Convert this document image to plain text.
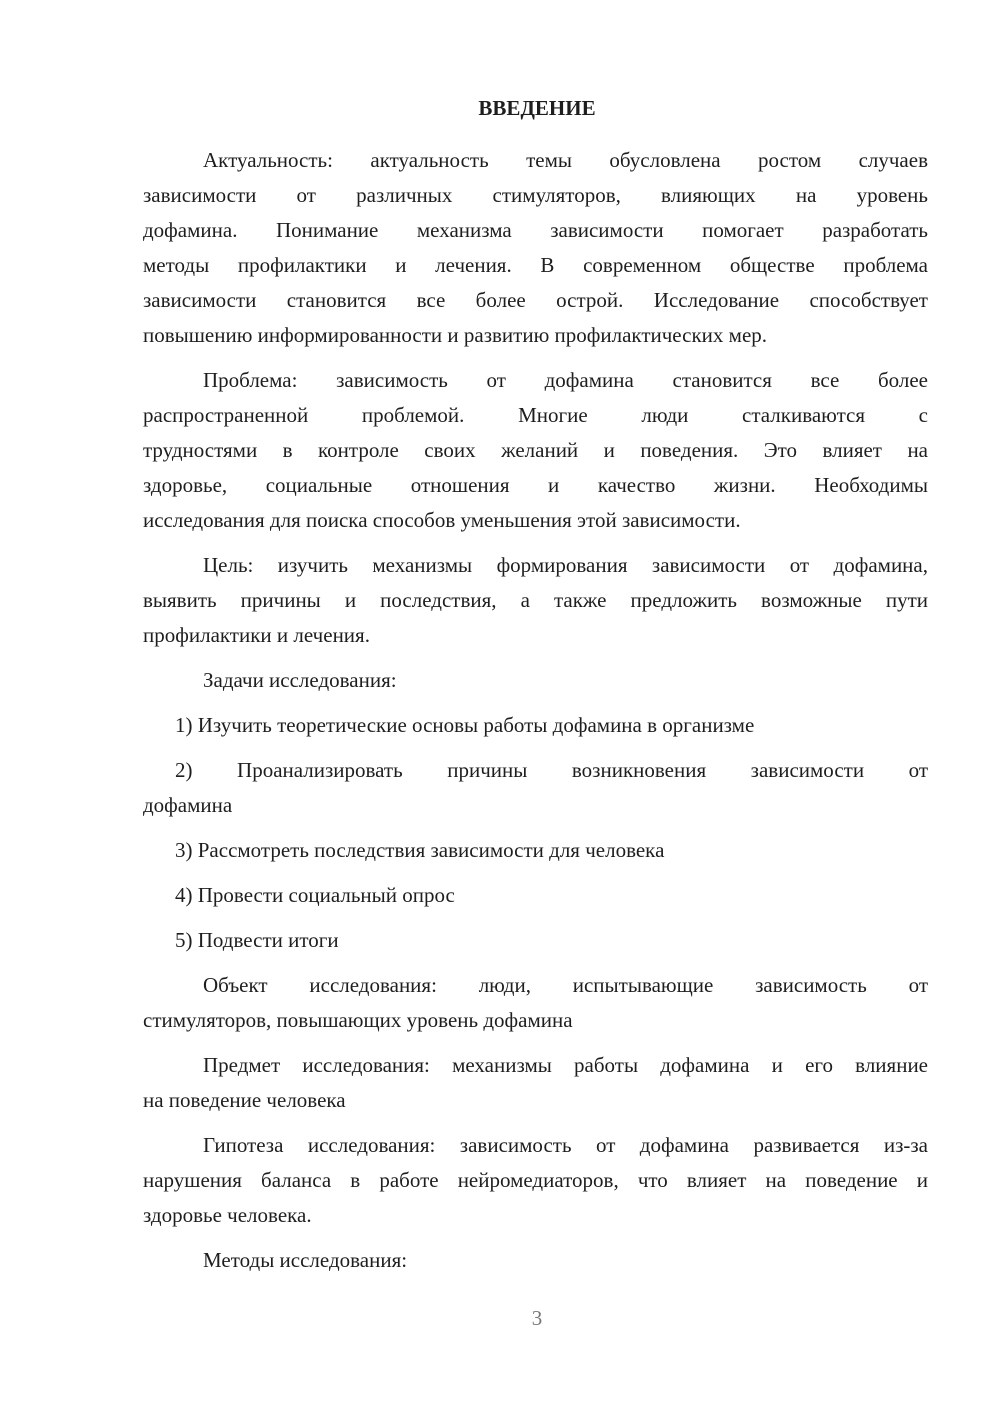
ВВЕДЕНИЕ
Актуальность: актуальность темы обусловлена ростом случаев
зависимости от различных стимуляторов, влияющих на уровень
дофамина. Понимание механизма зависимости помогает разработать
методы профилактики и лечения. В современном обществе проблема
зависимости становится все более острой. Исследование способствует
повышению информированности и развитию профилактических мер.
Проблема: зависимость от дофамина становится все более
распространенной проблемой. Многие люди сталкиваются с
трудностями в контроле своих желаний и поведения. Это влияет на
здоровье, социальные отношения и качество жизни. Необходимы
исследования для поиска способов уменьшения этой зависимости.
Цель: изучить механизмы формирования зависимости от дофамина,
выявить причины и последствия, а также предложить возможные пути
профилактики и лечения.
Задачи исследования:
1) Изучить теоретические основы работы дофамина в организме
2) Проанализировать причины возникновения зависимости от
дофамина
3) Рассмотреть последствия зависимости для человека
4) Провести социальный опрос
5) Подвести итоги
Объект исследования: люди, испытывающие зависимость от
стимуляторов, повышающих уровень дофамина
Предмет исследования: механизмы работы дофамина и его влияние
на поведение человека
Гипотеза исследования: зависимость от дофамина развивается из-за
нарушения баланса в работе нейромедиаторов, что влияет на поведение и
здоровье человека.
Методы исследования:
3
